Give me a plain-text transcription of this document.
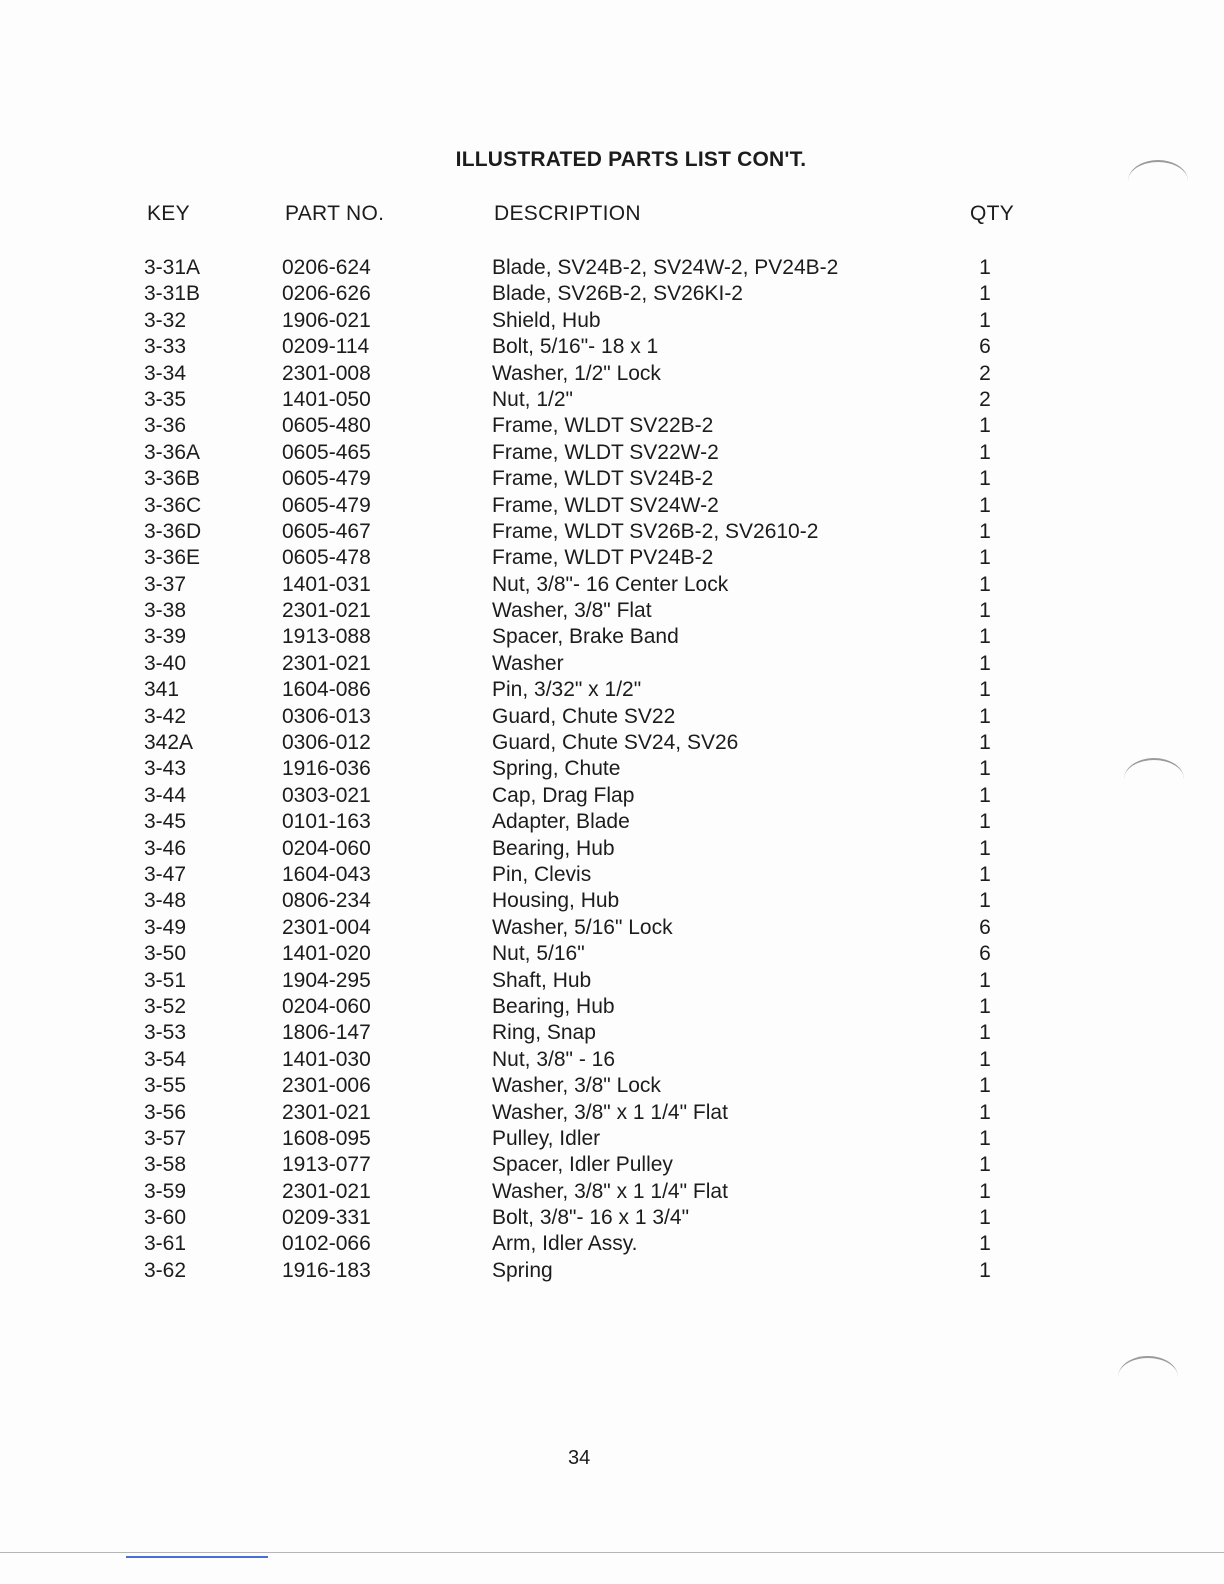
ILLUSTRATED PARTS LIST CON'T.
KEY	PART NO.	DESCRIPTION	QTY
3-31A	0206-624	Blade, SV24B-2, SV24W-2, PV24B-2	1
3-31B	0206-626	Blade, SV26B-2, SV26KI-2	1
3-32	1906-021	Shield, Hub	1
3-33	0209-114	Bolt, 5/16"- 18 x 1	6
3-34	2301-008	Washer, 1/2" Lock	2
3-35	1401-050	Nut, 1/2"	2
3-36	0605-480	Frame, WLDT SV22B-2	1
3-36A	0605-465	Frame, WLDT SV22W-2	1
3-36B	0605-479	Frame, WLDT SV24B-2	1
3-36C	0605-479	Frame, WLDT SV24W-2	1
3-36D	0605-467	Frame, WLDT SV26B-2, SV2610-2	1
3-36E	0605-478	Frame, WLDT PV24B-2	1
3-37	1401-031	Nut, 3/8"- 16 Center Lock	1
3-38	2301-021	Washer, 3/8" Flat	1
3-39	1913-088	Spacer, Brake Band	1
3-40	2301-021	Washer	1
341	1604-086	Pin, 3/32" x 1/2"	1
3-42	0306-013	Guard, Chute SV22	1
342A	0306-012	Guard, Chute SV24, SV26	1
3-43	1916-036	Spring, Chute	1
3-44	0303-021	Cap, Drag Flap	1
3-45	0101-163	Adapter, Blade	1
3-46	0204-060	Bearing, Hub	1
3-47	1604-043	Pin, Clevis	1
3-48	0806-234	Housing, Hub	1
3-49	2301-004	Washer, 5/16" Lock	6
3-50	1401-020	Nut, 5/16"	6
3-51	1904-295	Shaft, Hub	1
3-52	0204-060	Bearing, Hub	1
3-53	1806-147	Ring, Snap	1
3-54	1401-030	Nut, 3/8" - 16	1
3-55	2301-006	Washer, 3/8" Lock	1
3-56	2301-021	Washer, 3/8" x 1 1/4" Flat	1
3-57	1608-095	Pulley, Idler	1
3-58	1913-077	Spacer, Idler Pulley	1
3-59	2301-021	Washer, 3/8" x 1 1/4" Flat	1
3-60	0209-331	Bolt, 3/8"- 16 x 1 3/4"	1
3-61	0102-066	Arm, Idler Assy.	1
3-62	1916-183	Spring	1
34
